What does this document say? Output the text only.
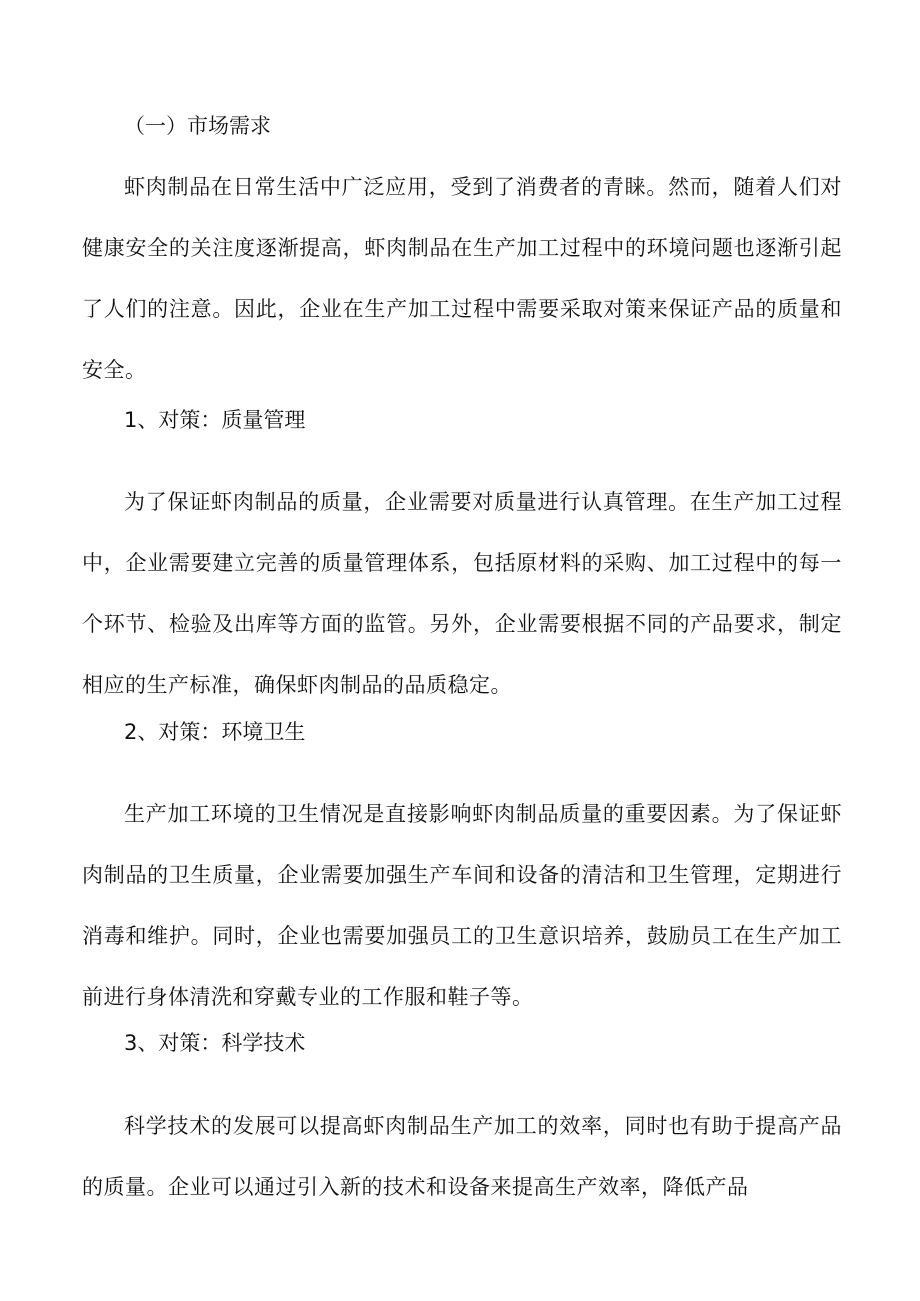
（一）市场需求

虾肉制品在日常生活中广泛应用，受到了消费者的青睐。然而，随着人们对健康安全的关注度逐渐提高，虾肉制品在生产加工过程中的环境问题也逐渐引起了人们的注意。因此，企业在生产加工过程中需要采取对策来保证产品的质量和安全。

1、对策：质量管理

为了保证虾肉制品的质量，企业需要对质量进行认真管理。在生产加工过程中，企业需要建立完善的质量管理体系，包括原材料的采购、加工过程中的每一个环节、检验及出库等方面的监管。另外，企业需要根据不同的产品要求，制定相应的生产标准，确保虾肉制品的品质稳定。

2、对策：环境卫生

生产加工环境的卫生情况是直接影响虾肉制品质量的重要因素。为了保证虾肉制品的卫生质量，企业需要加强生产车间和设备的清洁和卫生管理，定期进行消毒和维护。同时，企业也需要加强员工的卫生意识培养，鼓励员工在生产加工前进行身体清洗和穿戴专业的工作服和鞋子等。

3、对策：科学技术

科学技术的发展可以提高虾肉制品生产加工的效率，同时也有助于提高产品的质量。企业可以通过引入新的技术和设备来提高生产效率，降低产品
